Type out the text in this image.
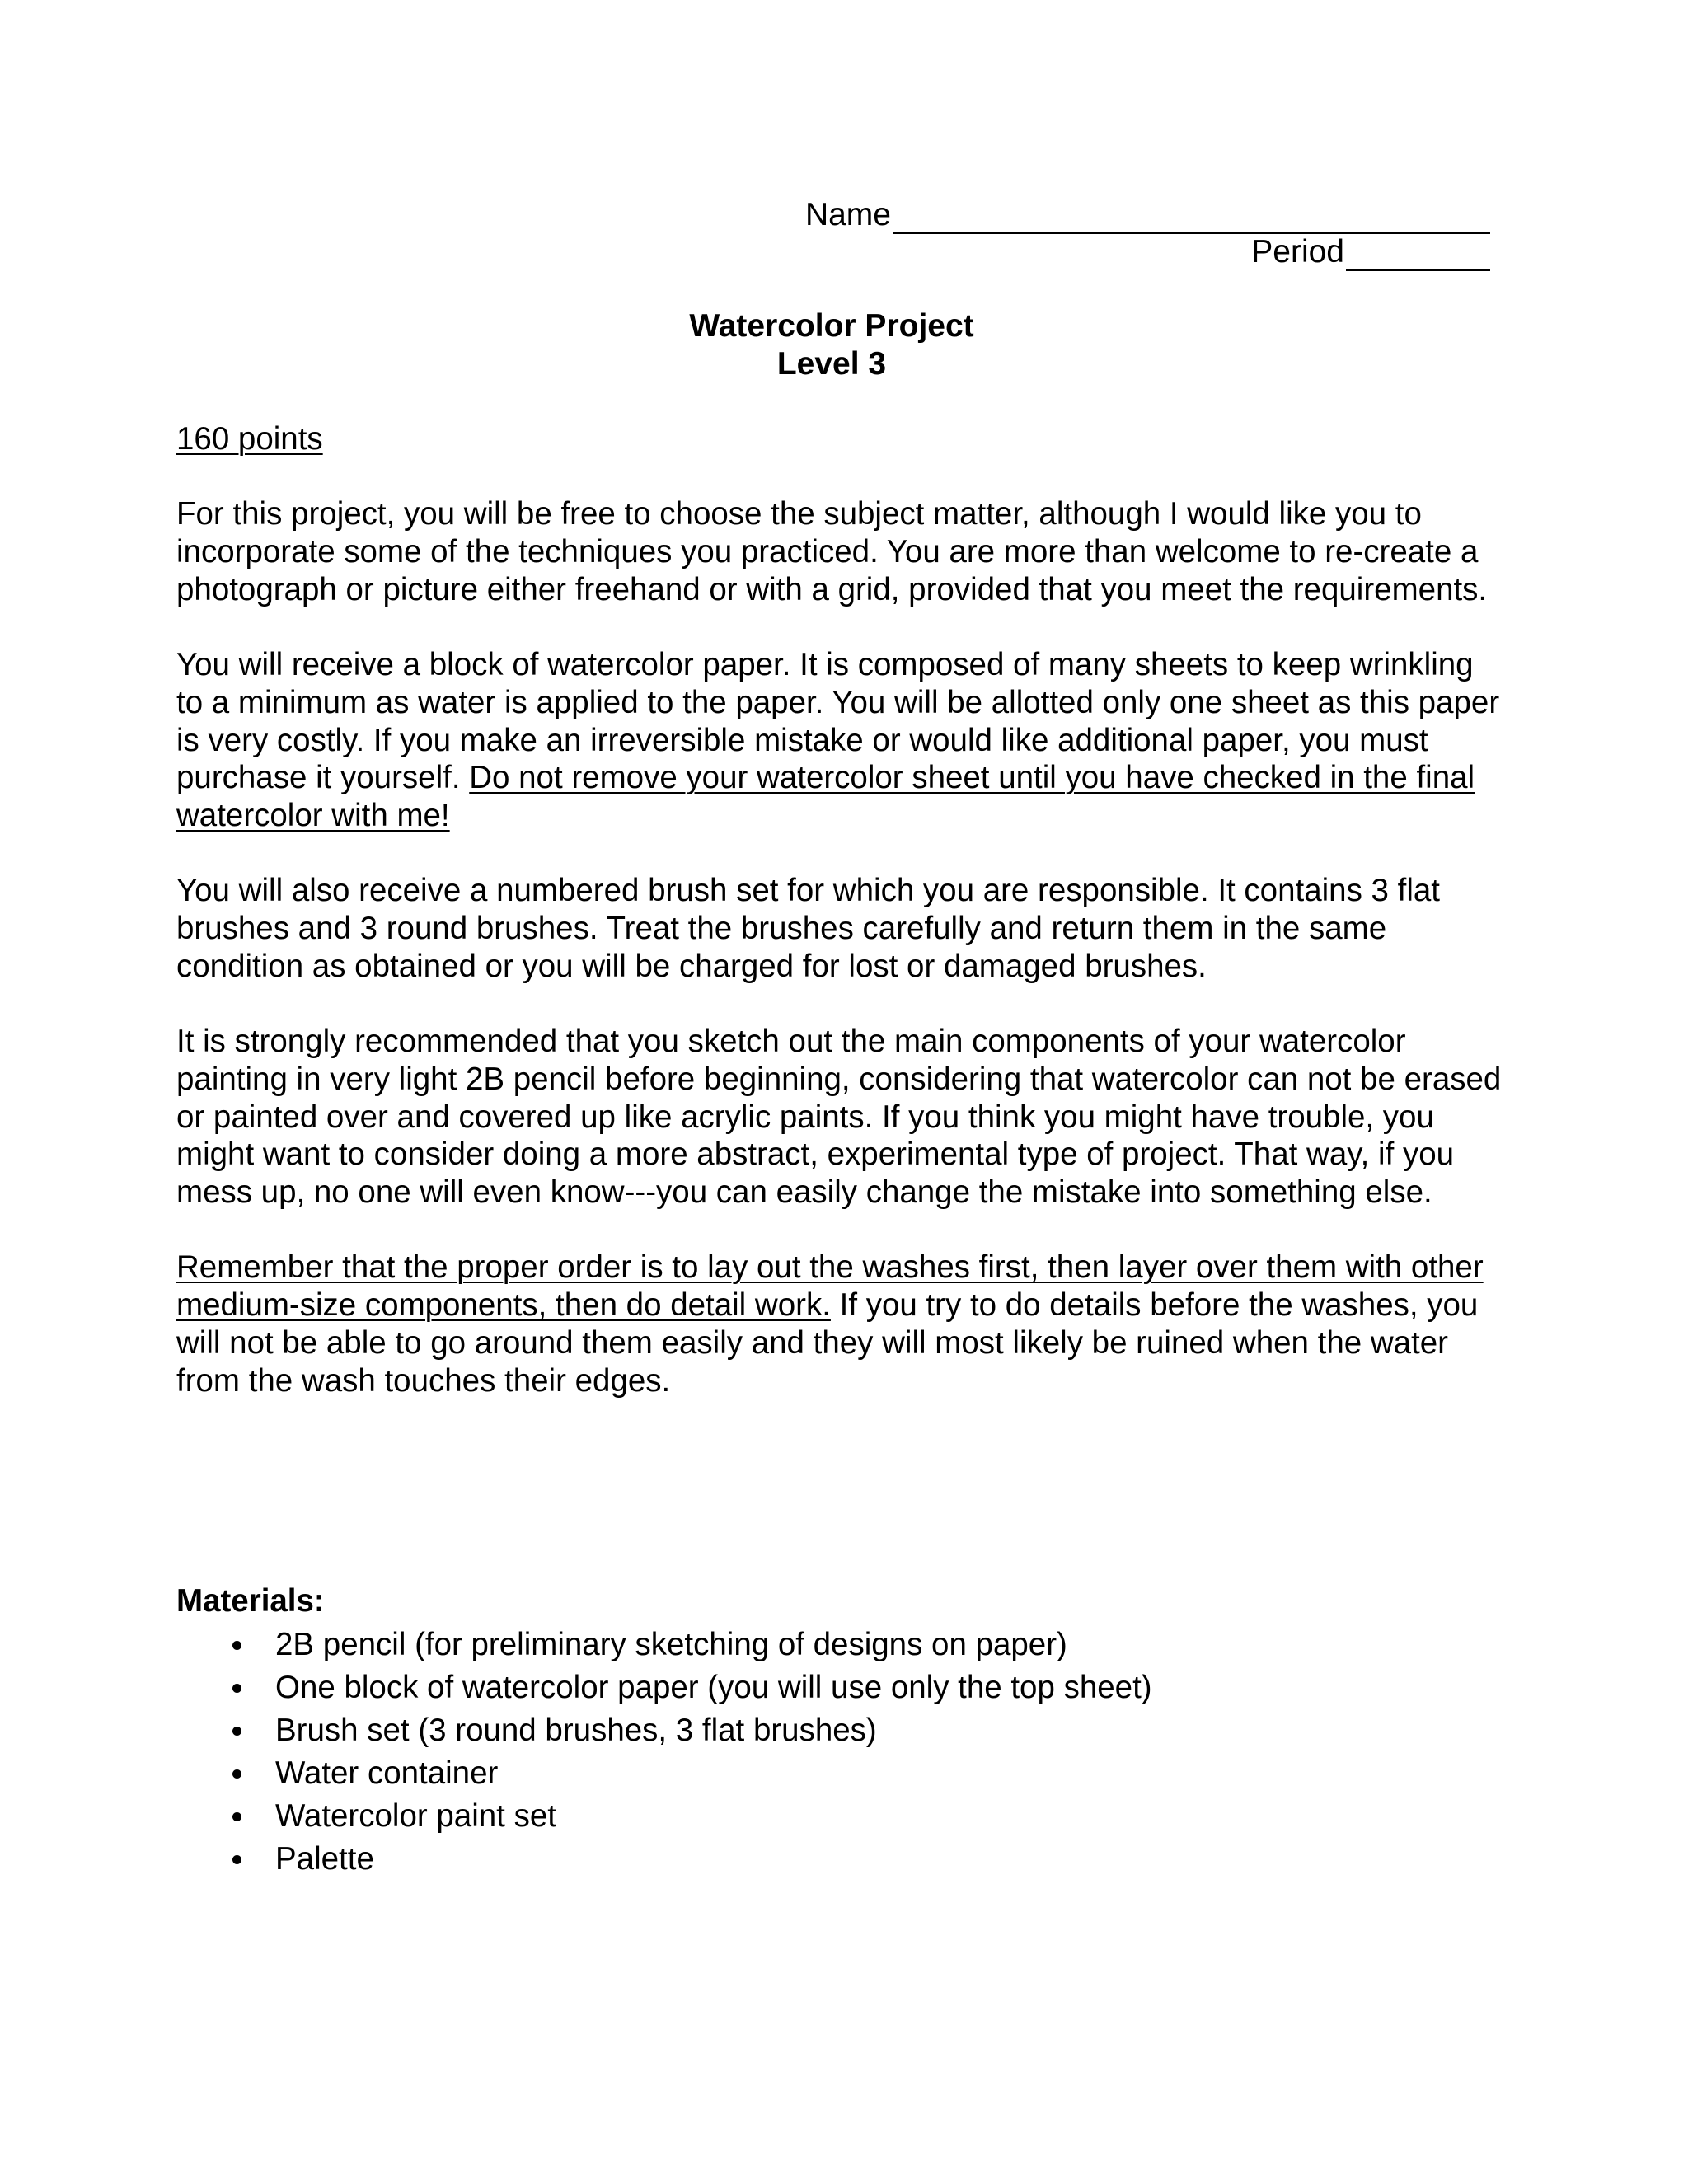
Name
Period
Watercolor Project
Level 3

160 points

For this project, you will be free to choose the subject matter, although I would like you to incorporate some of the techniques you practiced. You are more than welcome to re-create a photograph or picture either freehand or with a grid, provided that you meet the requirements.

You will receive a block of watercolor paper. It is composed of many sheets to keep wrinkling to a minimum as water is applied to the paper. You will be allotted only one sheet as this paper is very costly. If you make an irreversible mistake or would like additional paper, you must purchase it yourself. Do not remove your watercolor sheet until you have checked in the final watercolor with me!

You will also receive a numbered brush set for which you are responsible. It contains 3 flat brushes and 3 round brushes. Treat the brushes carefully and return them in the same condition as obtained or you will be charged for lost or damaged brushes.

It is strongly recommended that you sketch out the main components of your watercolor painting in very light 2B pencil before beginning, considering that watercolor can not be erased or painted over and covered up like acrylic paints. If you think you might have trouble, you might want to consider doing a more abstract, experimental type of project. That way, if you mess up, no one will even know---you can easily change the mistake into something else.

Remember that the proper order is to lay out the washes first, then layer over them with other medium-size components, then do detail work. If you try to do details before the washes, you will not be able to go around them easily and they will most likely be ruined when the water from the wash touches their edges.

Materials:
2B pencil (for preliminary sketching of designs on paper)
One block of watercolor paper (you will use only the top sheet)
Brush set (3 round brushes, 3 flat brushes)
Water container
Watercolor paint set
Palette
